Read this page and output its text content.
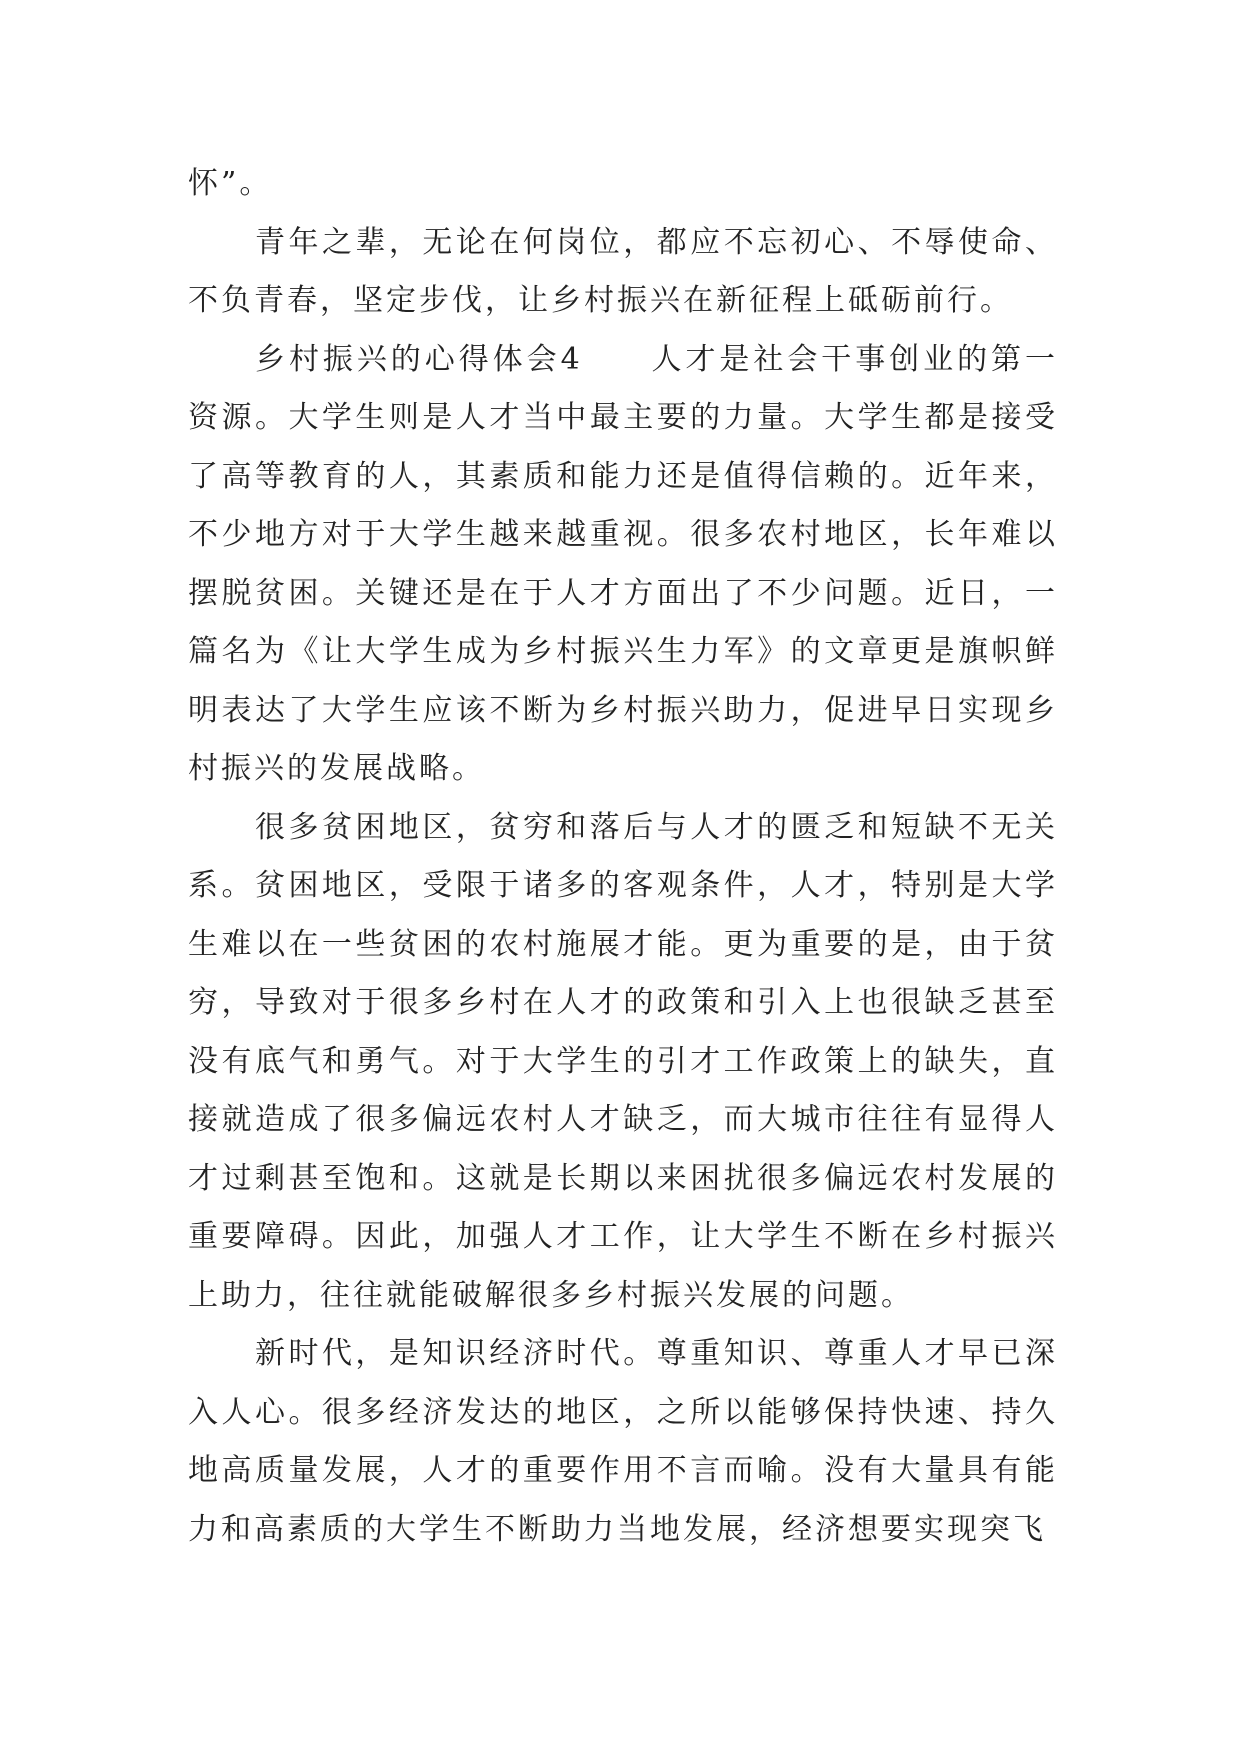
怀”。

青年之辈，无论在何岗位，都应不忘初心、不辱使命、不负青春，坚定步伐，让乡村振兴在新征程上砥砺前行。

乡村振兴的心得体会4　　人才是社会干事创业的第一资源。大学生则是人才当中最主要的力量。大学生都是接受了高等教育的人，其素质和能力还是值得信赖的。近年来，不少地方对于大学生越来越重视。很多农村地区，长年难以摆脱贫困。关键还是在于人才方面出了不少问题。近日，一篇名为《让大学生成为乡村振兴生力军》的文章更是旗帜鲜明表达了大学生应该不断为乡村振兴助力，促进早日实现乡村振兴的发展战略。

很多贫困地区，贫穷和落后与人才的匮乏和短缺不无关系。贫困地区，受限于诸多的客观条件，人才，特别是大学生难以在一些贫困的农村施展才能。更为重要的是，由于贫穷，导致对于很多乡村在人才的政策和引入上也很缺乏甚至没有底气和勇气。对于大学生的引才工作政策上的缺失，直接就造成了很多偏远农村人才缺乏，而大城市往往有显得人才过剩甚至饱和。这就是长期以来困扰很多偏远农村发展的重要障碍。因此，加强人才工作，让大学生不断在乡村振兴上助力，往往就能破解很多乡村振兴发展的问题。

新时代，是知识经济时代。尊重知识、尊重人才早已深入人心。很多经济发达的地区，之所以能够保持快速、持久地高质量发展，人才的重要作用不言而喻。没有大量具有能力和高素质的大学生不断助力当地发展，经济想要实现突飞
